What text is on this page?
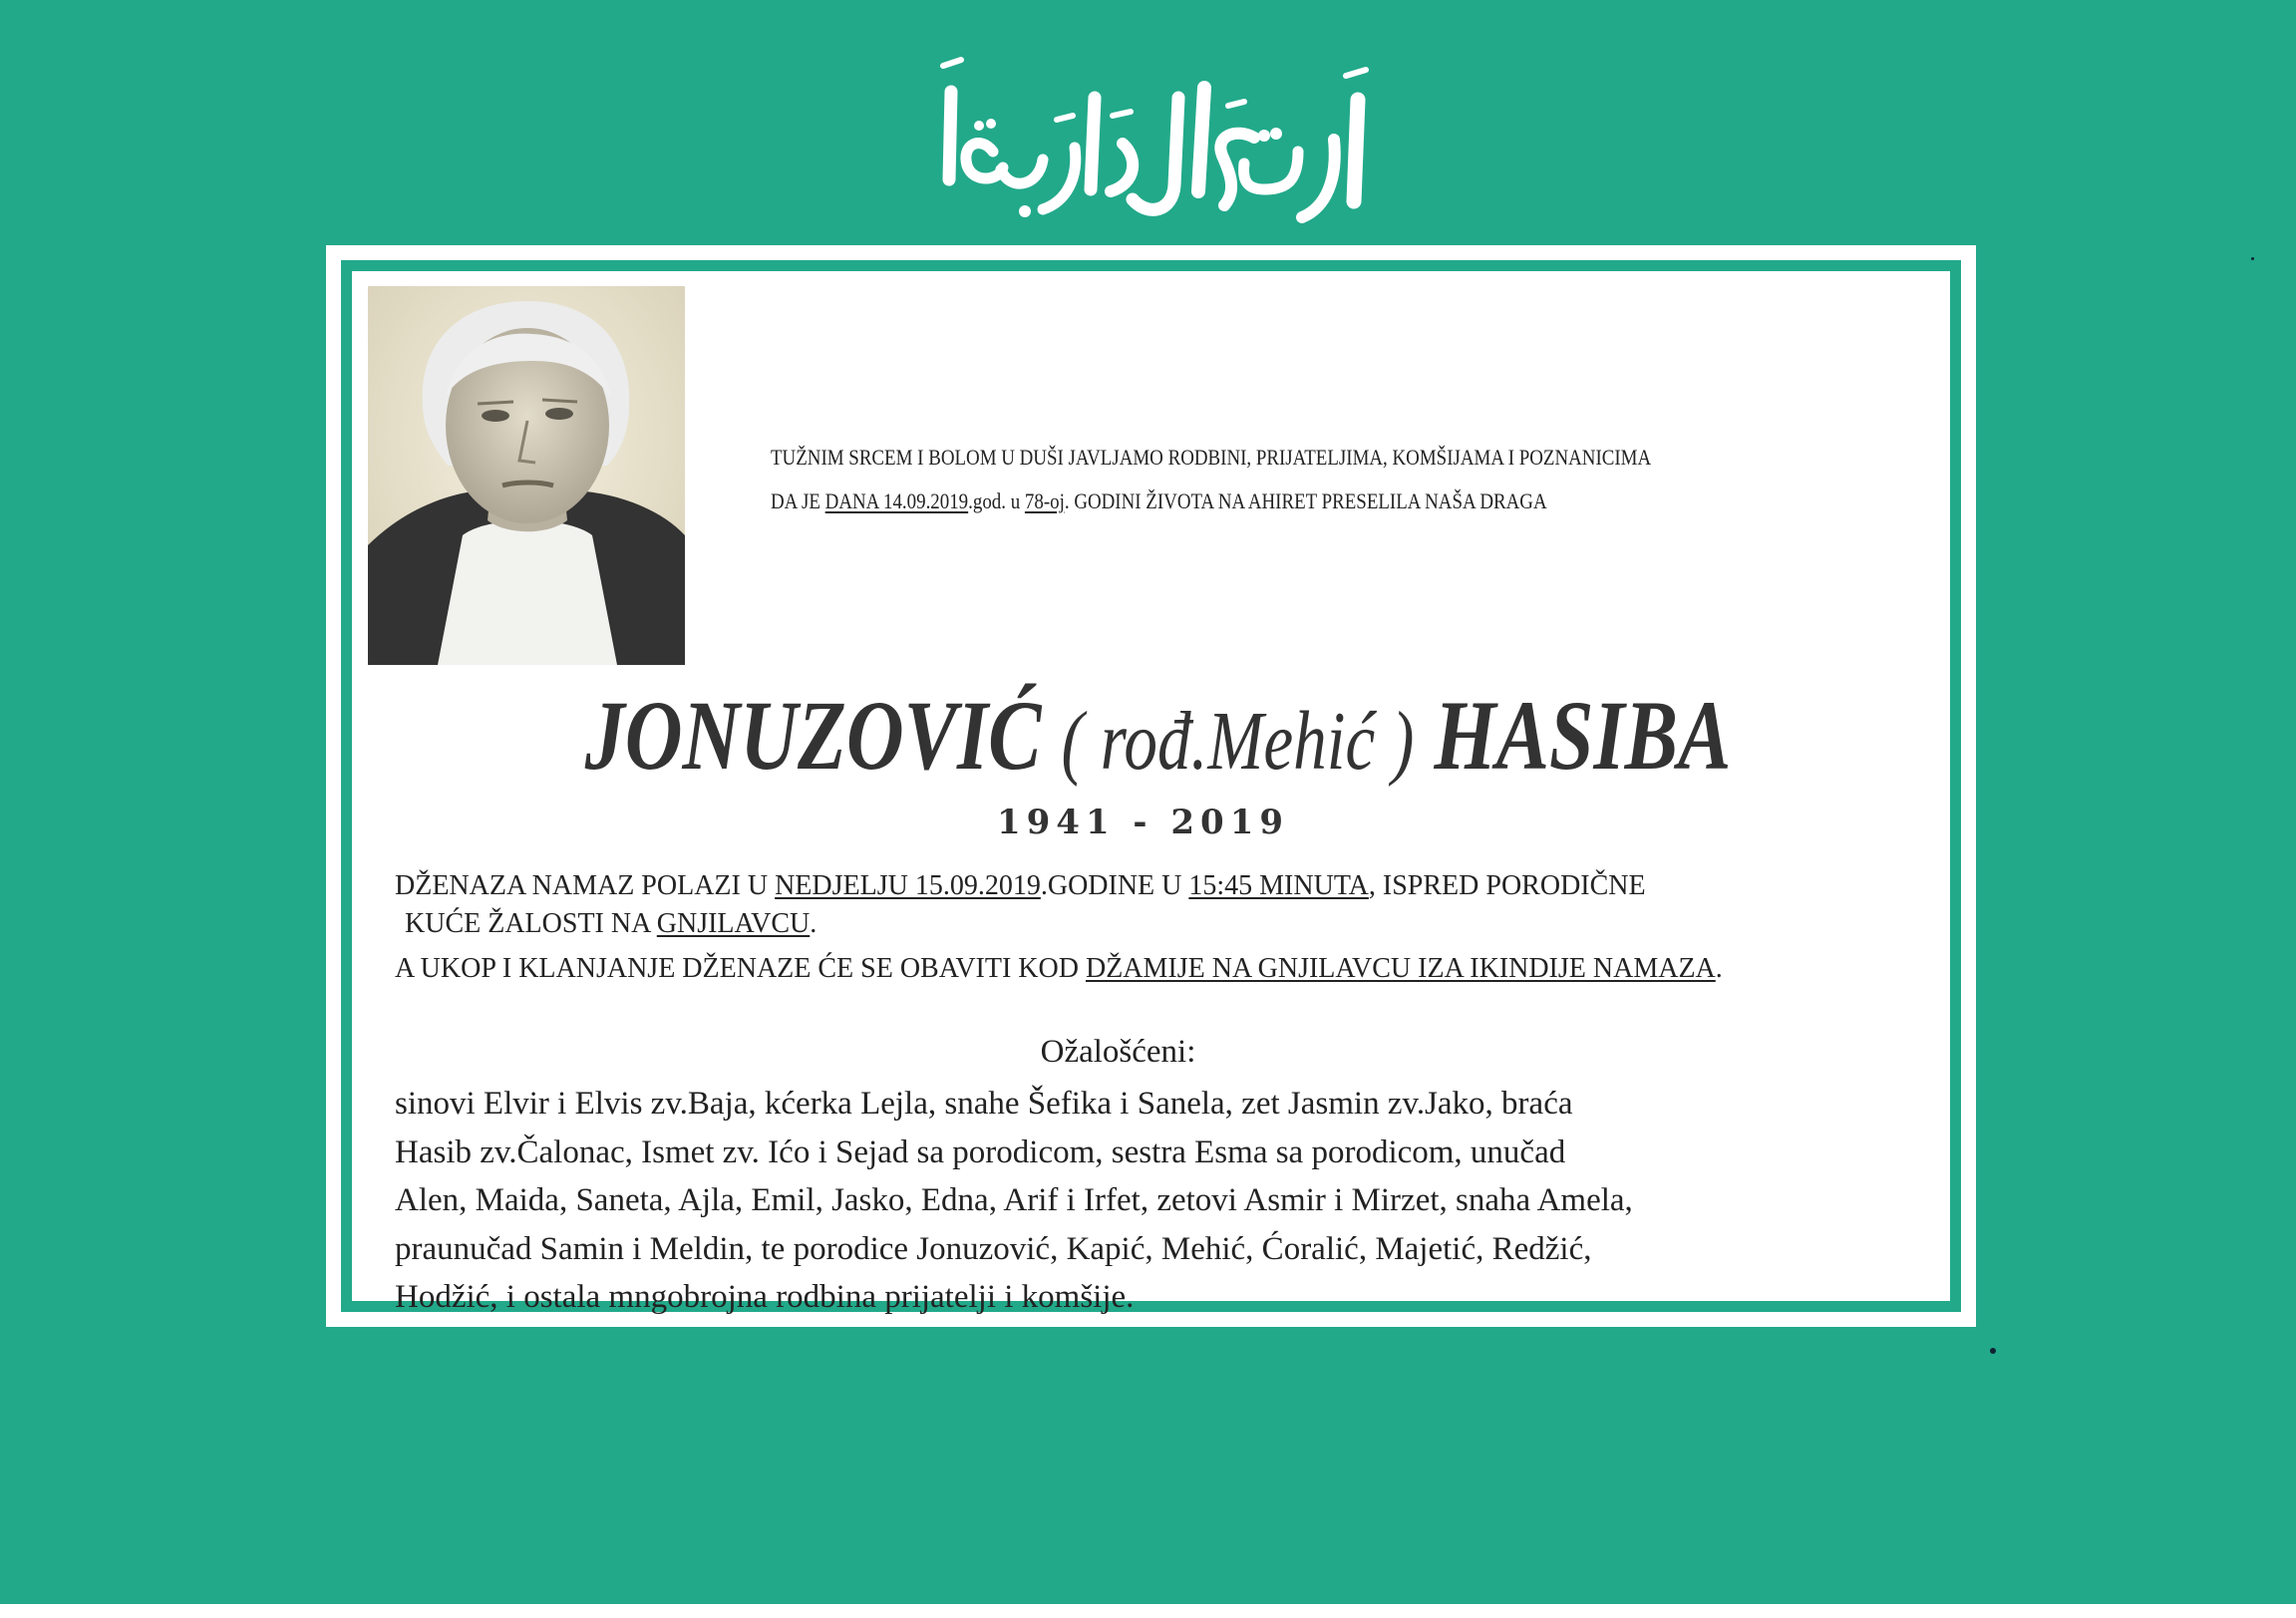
TUŽNIM SRCEM I BOLOM U DUŠI JAVLJAMO RODBINI, PRIJATELJIMA, KOMŠIJAMA I POZNANICIMA
DA JE DANA 14.09.2019.god. u 78-oj. GODINI ŽIVOTA NA AHIRET PRESELILA NAŠA DRAGA
JONUZOVIĆ ( rođ.Mehić ) HASIBA
1941 - 2019

DŽENAZA NAMAZ POLAZI U NEDJELJU 15.09.2019.GODINE U 15:45 MINUTA, ISPRED PORODIČNE

KUĆE ŽALOSTI NA GNJILAVCU.

A UKOP I KLANJANJE DŽENAZE ĆE SE OBAVITI KOD DŽAMIJE NA GNJILAVCU IZA IKINDIJE NAMAZA.

Ožalošćeni:

sinovi Elvir i Elvis zv.Baja, kćerka Lejla, snahe Šefika i Sanela, zet Jasmin zv.Jako, braća

Hasib zv.Čalonac, Ismet zv. Ićo i Sejad sa porodicom, sestra Esma sa porodicom, unučad

Alen, Maida, Saneta, Ajla, Emil, Jasko, Edna, Arif i Irfet, zetovi Asmir i Mirzet, snaha Amela,

praunučad Samin i Meldin, te porodice Jonuzović, Kapić, Mehić, Ćoralić, Majetić, Redžić,

Hodžić, i ostala mngobrojna rodbina prijatelji i komšije.
